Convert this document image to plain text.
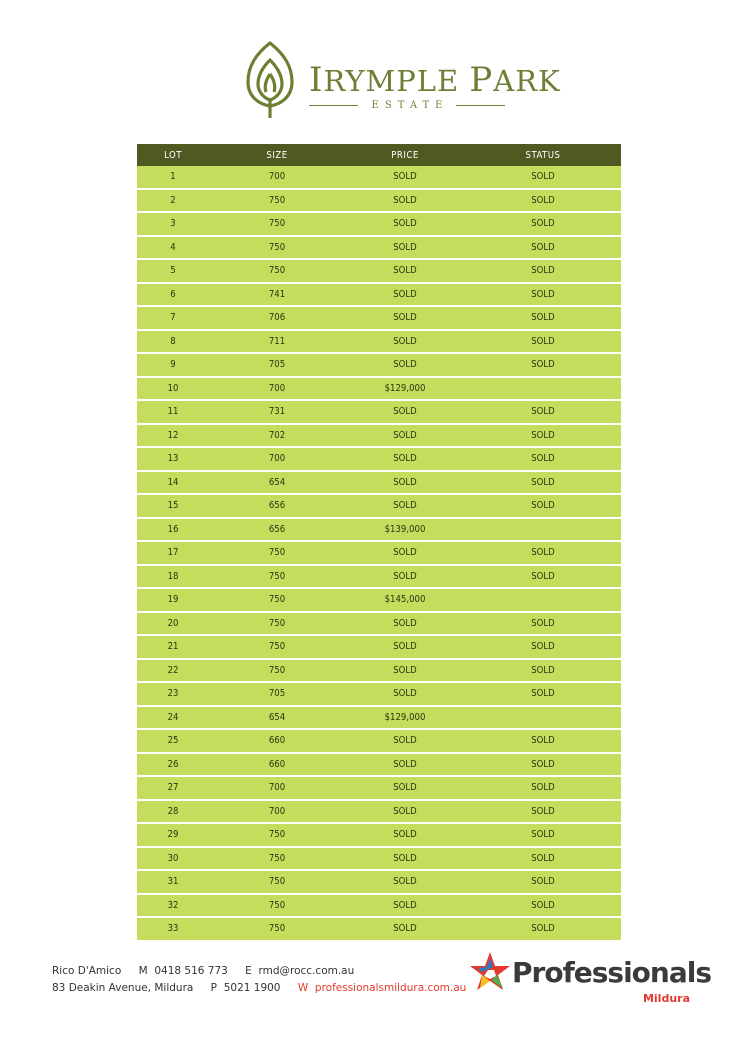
IRYMPLE PARK
ESTATE
LOT	SIZE	PRICE	STATUS
1	700	SOLD	SOLD
2	750	SOLD	SOLD
3	750	SOLD	SOLD
4	750	SOLD	SOLD
5	750	SOLD	SOLD
6	741	SOLD	SOLD
7	706	SOLD	SOLD
8	711	SOLD	SOLD
9	705	SOLD	SOLD
10	700	$129,000	
11	731	SOLD	SOLD
12	702	SOLD	SOLD
13	700	SOLD	SOLD
14	654	SOLD	SOLD
15	656	SOLD	SOLD
16	656	$139,000	
17	750	SOLD	SOLD
18	750	SOLD	SOLD
19	750	$145,000	
20	750	SOLD	SOLD
21	750	SOLD	SOLD
22	750	SOLD	SOLD
23	705	SOLD	SOLD
24	654	$129,000	
25	660	SOLD	SOLD
26	660	SOLD	SOLD
27	700	SOLD	SOLD
28	700	SOLD	SOLD
29	750	SOLD	SOLD
30	750	SOLD	SOLD
31	750	SOLD	SOLD
32	750	SOLD	SOLD
33	750	SOLD	SOLD
Rico D'Amico M 0418 516 773 E rmd@rocc.com.au
83 Deakin Avenue, Mildura P 5021 1900 W professionalsmildura.com.au Professionals
Mildura
